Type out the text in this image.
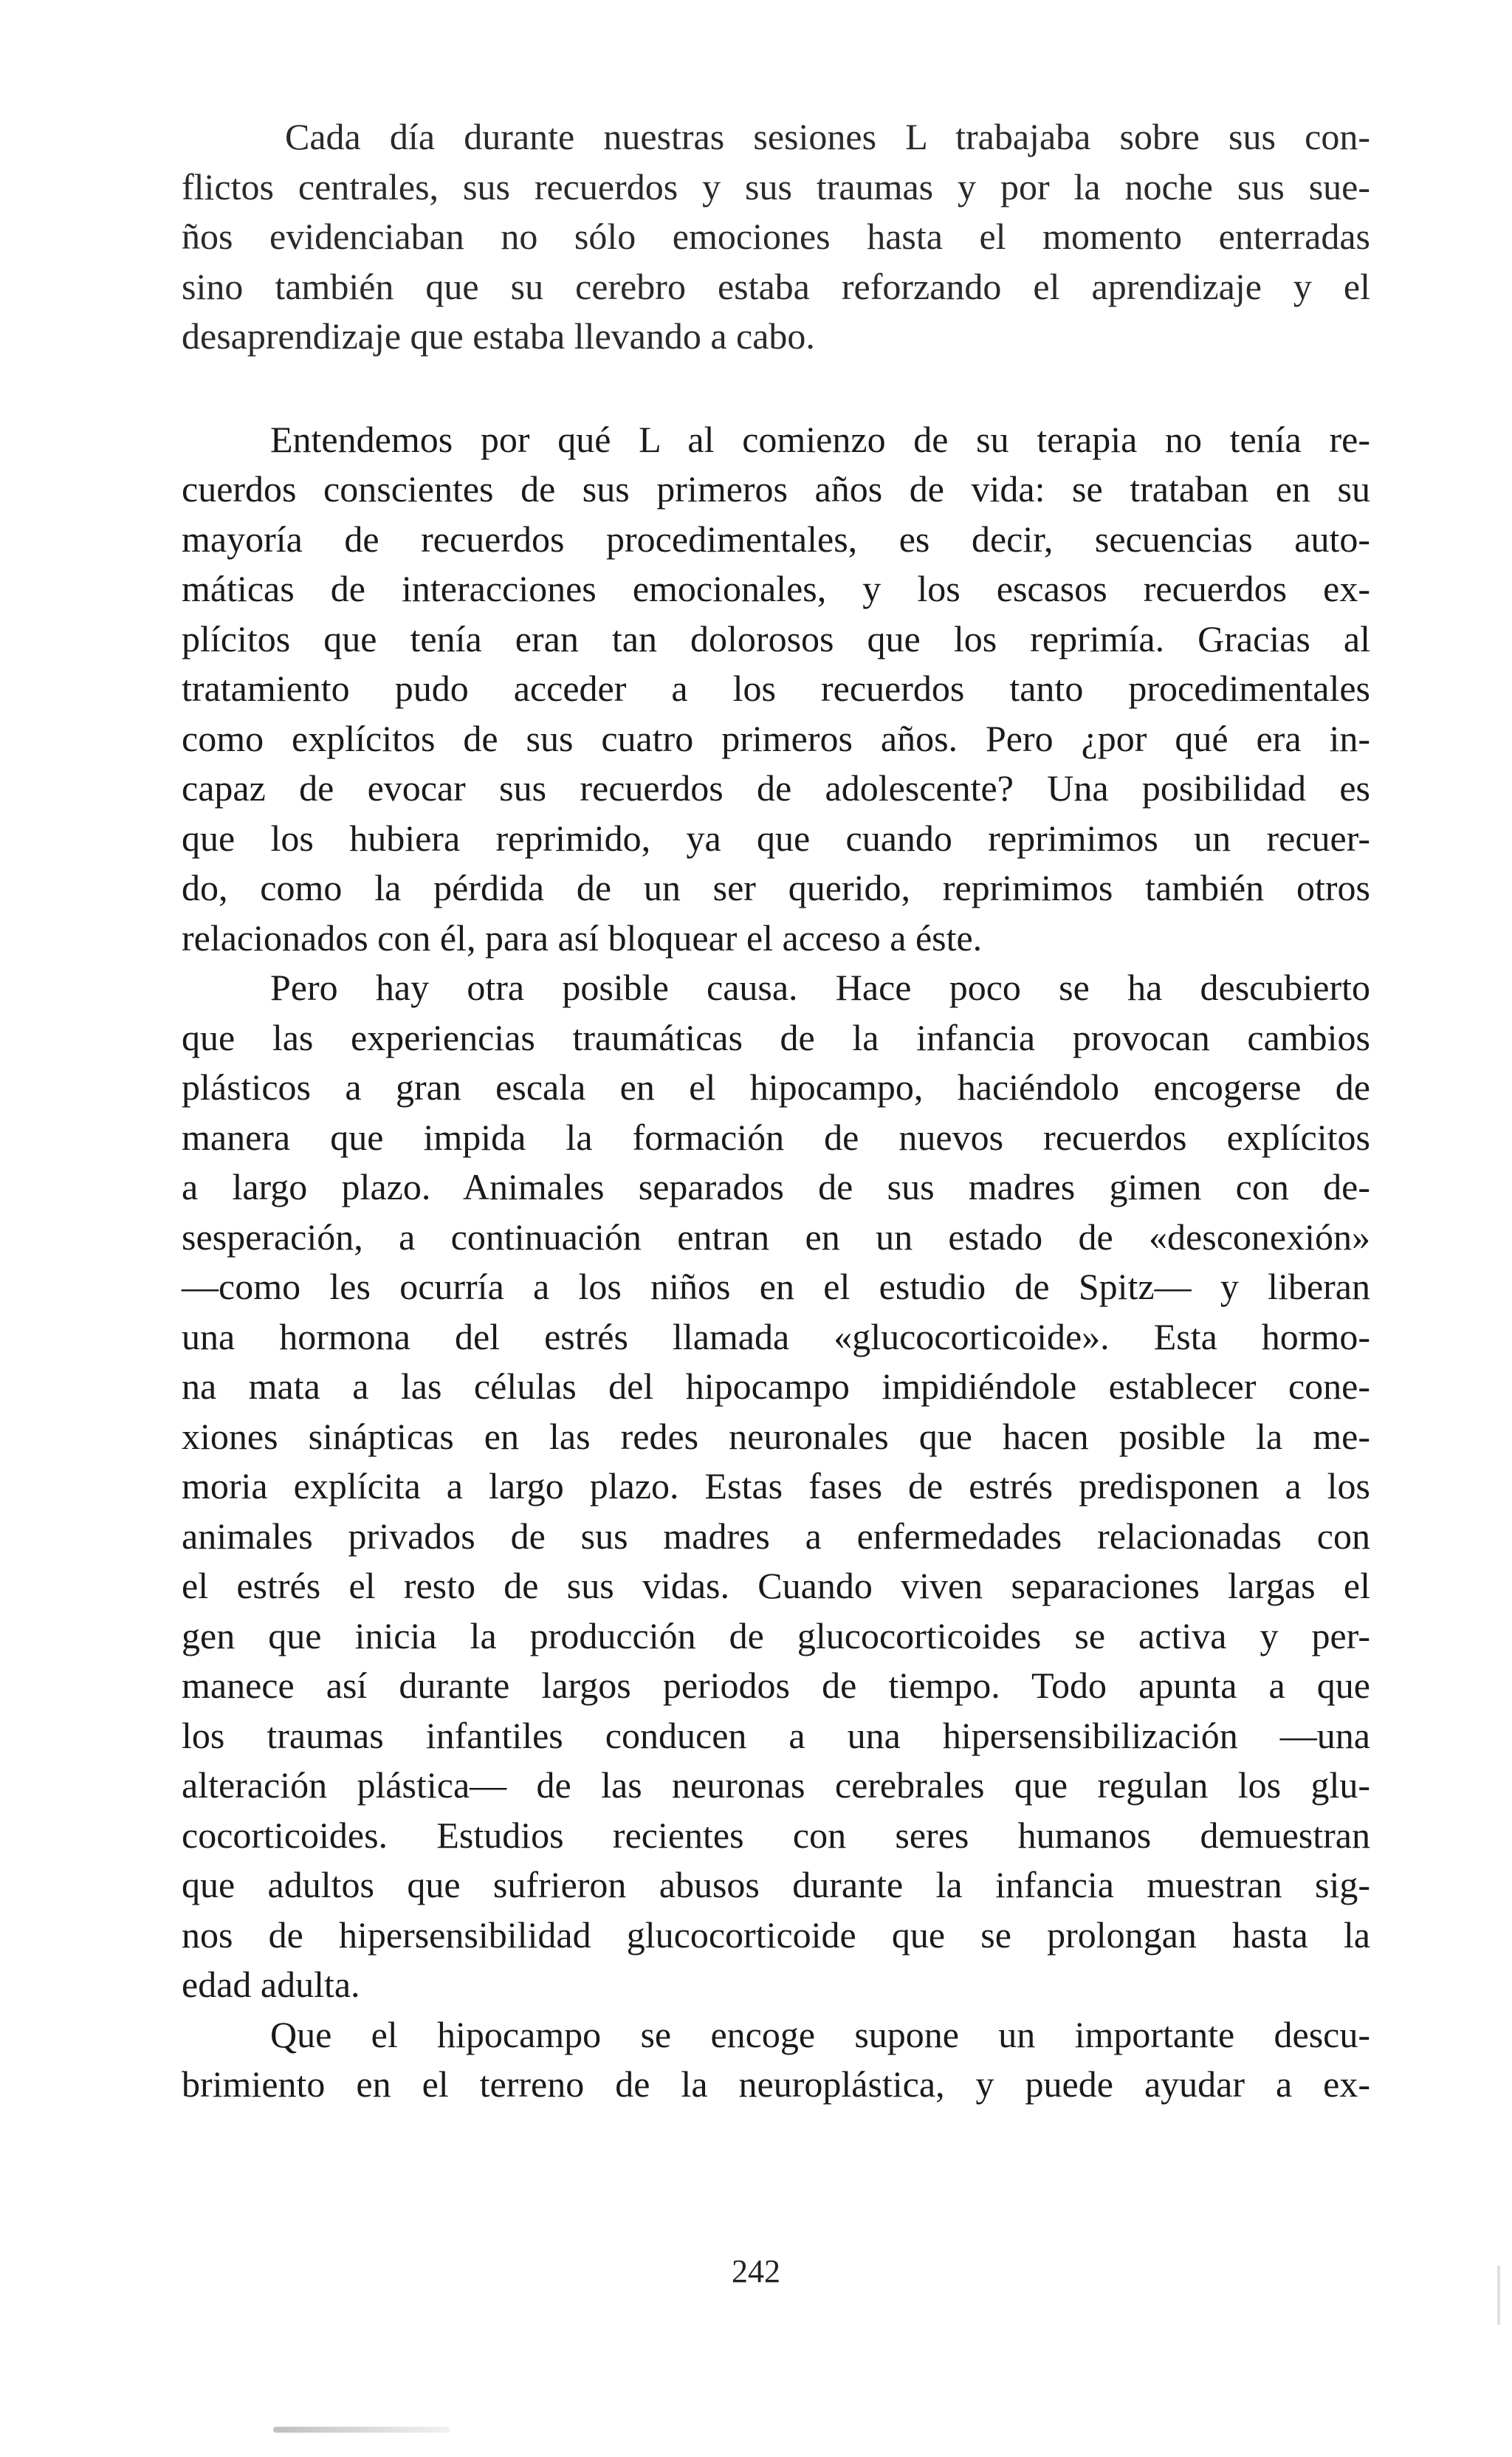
Cada día durante nuestras sesiones L trabajaba sobre sus con-
flictos centrales, sus recuerdos y sus traumas y por la noche sus sue-
ños evidenciaban no sólo emociones hasta el momento enterradas
sino también que su cerebro estaba reforzando el aprendizaje y el
desaprendizaje que estaba llevando a cabo.

Entendemos por qué L al comienzo de su terapia no tenía re-
cuerdos conscientes de sus primeros años de vida: se trataban en su
mayoría de recuerdos procedimentales, es decir, secuencias auto-
máticas de interacciones emocionales, y los escasos recuerdos ex-
plícitos que tenía eran tan dolorosos que los reprimía. Gracias al
tratamiento pudo acceder a los recuerdos tanto procedimentales
como explícitos de sus cuatro primeros años. Pero ¿por qué era in-
capaz de evocar sus recuerdos de adolescente? Una posibilidad es
que los hubiera reprimido, ya que cuando reprimimos un recuer-
do, como la pérdida de un ser querido, reprimimos también otros
relacionados con él, para así bloquear el acceso a éste.

Pero hay otra posible causa. Hace poco se ha descubierto
que las experiencias traumáticas de la infancia provocan cambios
plásticos a gran escala en el hipocampo, haciéndolo encogerse de
manera que impida la formación de nuevos recuerdos explícitos
a largo plazo. Animales separados de sus madres gimen con de-
sesperación, a continuación entran en un estado de «desconexión»
—como les ocurría a los niños en el estudio de Spitz— y liberan
una hormona del estrés llamada «glucocorticoide». Esta hormo-
na mata a las células del hipocampo impidiéndole establecer cone-
xiones sinápticas en las redes neuronales que hacen posible la me-
moria explícita a largo plazo. Estas fases de estrés predisponen a los
animales privados de sus madres a enfermedades relacionadas con
el estrés el resto de sus vidas. Cuando viven separaciones largas el
gen que inicia la producción de glucocorticoides se activa y per-
manece así durante largos periodos de tiempo. Todo apunta a que
los traumas infantiles conducen a una hipersensibilización —una
alteración plástica— de las neuronas cerebrales que regulan los glu-
cocorticoides. Estudios recientes con seres humanos demuestran
que adultos que sufrieron abusos durante la infancia muestran sig-
nos de hipersensibilidad glucocorticoide que se prolongan hasta la
edad adulta.

Que el hipocampo se encoge supone un importante descu-
brimiento en el terreno de la neuroplástica, y puede ayudar a ex-

242
